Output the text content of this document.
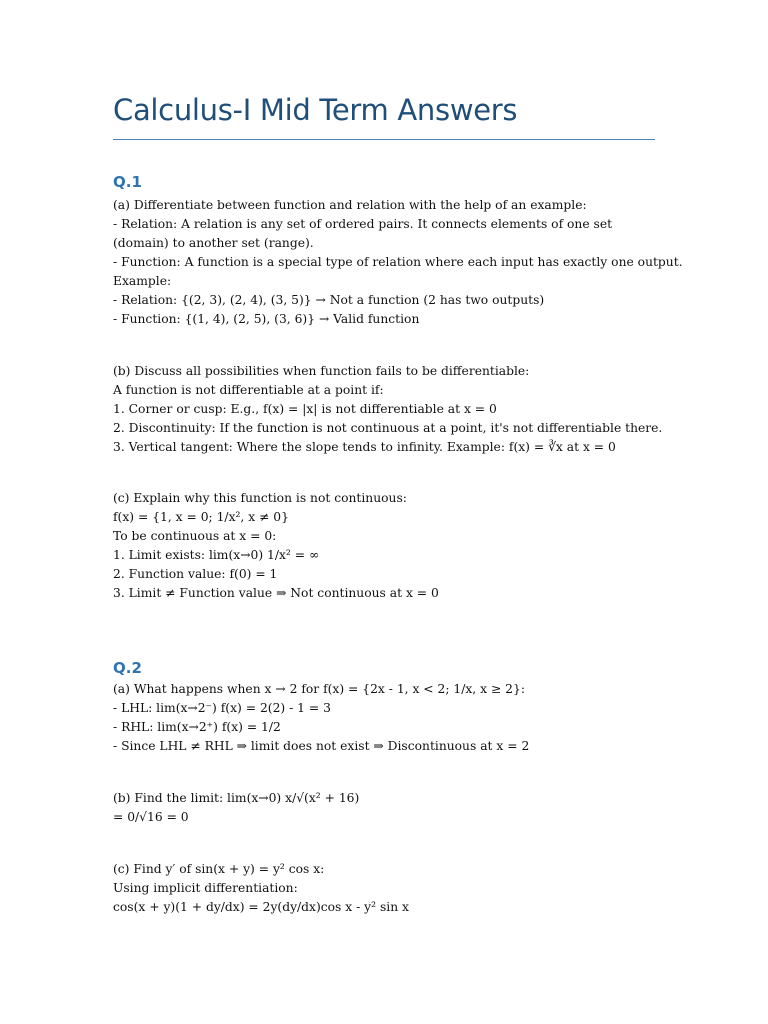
Calculus-I Mid Term Answers
Q.1
(a) Differentiate between function and relation with the help of an example:
- Relation: A relation is any set of ordered pairs. It connects elements of one set (domain) to another set (range).
- Function: A function is a special type of relation where each input has exactly one output.
Example:
- Relation: {(2, 3), (2, 4), (3, 5)} → Not a function (2 has two outputs)
- Function: {(1, 4), (2, 5), (3, 6)} → Valid function
(b) Discuss all possibilities when function fails to be differentiable:
A function is not differentiable at a point if:
1. Corner or cusp: E.g., f(x) = |x| is not differentiable at x = 0
2. Discontinuity: If the function is not continuous at a point, it's not differentiable there.
3. Vertical tangent: Where the slope tends to infinity. Example: f(x) = ∛x at x = 0
(c) Explain why this function is not continuous:
f(x) = {1, x = 0; 1/x², x ≠ 0}
To be continuous at x = 0:
1. Limit exists: lim(x→0) 1/x² = ∞
2. Function value: f(0) = 1
3. Limit ≠ Function value ⇒ Not continuous at x = 0
Q.2
(a) What happens when x → 2 for f(x) = {2x - 1, x < 2; 1/x, x ≥ 2}:
- LHL: lim(x→2⁻) f(x) = 2(2) - 1 = 3
- RHL: lim(x→2⁺) f(x) = 1/2
- Since LHL ≠ RHL ⇒ limit does not exist ⇒ Discontinuous at x = 2
(b) Find the limit: lim(x→0) x/√(x² + 16)
= 0/√16 = 0
(c) Find y′ of sin(x + y) = y² cos x:
Using implicit differentiation:
cos(x + y)(1 + dy/dx) = 2y(dy/dx)cos x - y² sin x
